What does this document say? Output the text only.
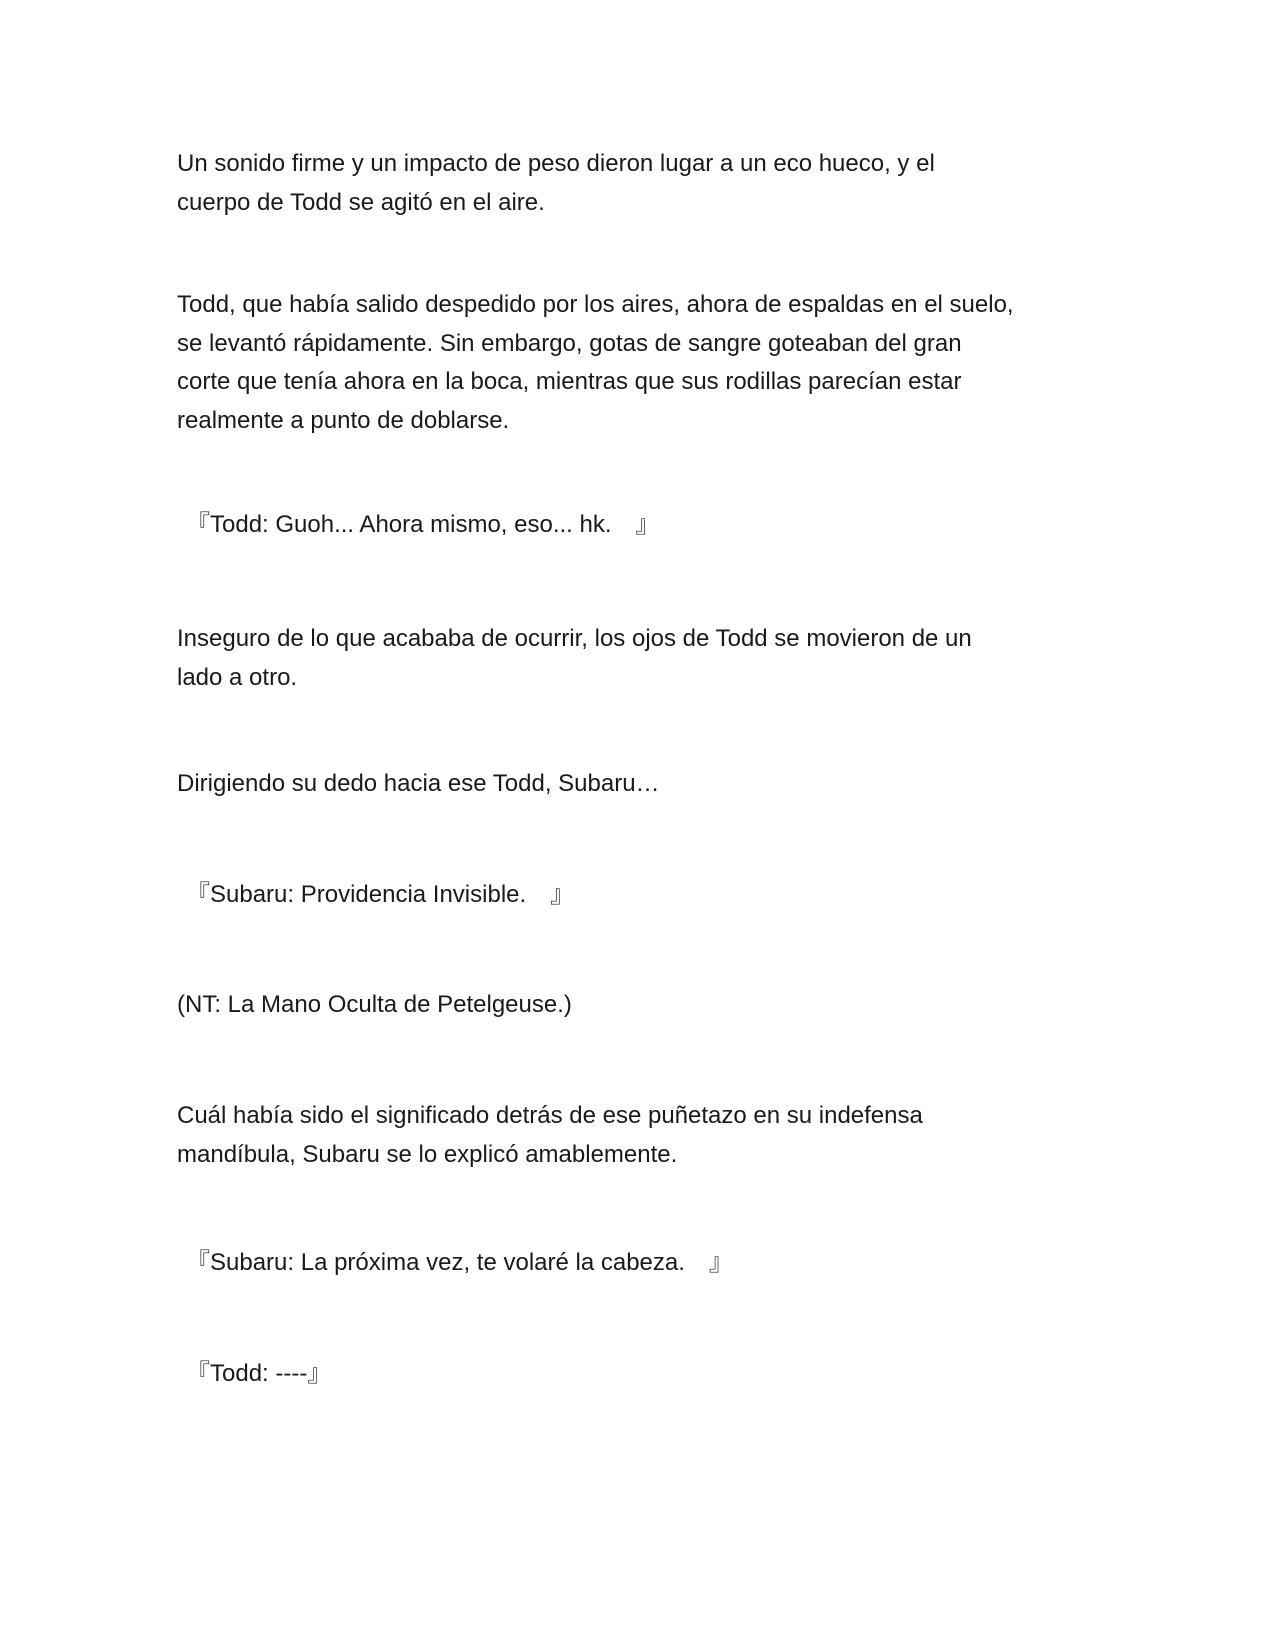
Un sonido firme y un impacto de peso dieron lugar a un eco hueco, y el
cuerpo de Todd se agitó en el aire.

Todd, que había salido despedido por los aires, ahora de espaldas en el suelo,
se levantó rápidamente. Sin embargo, gotas de sangre goteaban del gran
corte que tenía ahora en la boca, mientras que sus rodillas parecían estar
realmente a punto de doblarse.

『Todd: Guoh... Ahora mismo, eso... hk.　』

Inseguro de lo que acababa de ocurrir, los ojos de Todd se movieron de un
lado a otro.

Dirigiendo su dedo hacia ese Todd, Subaru…

『Subaru: Providencia Invisible.　』

(NT: La Mano Oculta de Petelgeuse.)

Cuál había sido el significado detrás de ese puñetazo en su indefensa
mandíbula, Subaru se lo explicó amablemente.

『Subaru: La próxima vez, te volaré la cabeza.　』

『Todd: ----』
